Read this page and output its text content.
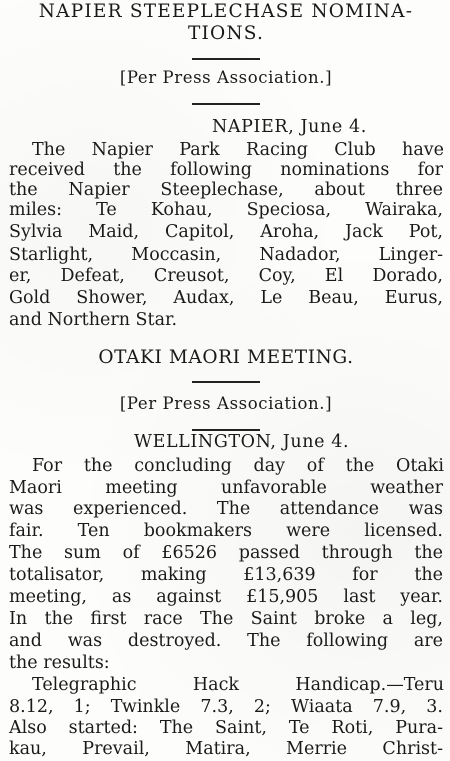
NAPIER STEEPLECHASE NOMINA-
TIONS.
[Per Press Association.]
NAPIER, June 4.
The Napier Park Racing Club have
received the following nominations for
the Napier Steeplechase, about three
miles: Te Kohau, Speciosa, Wairaka,
Sylvia Maid, Capitol, Aroha, Jack Pot,
Starlight, Moccasin, Nadador, Linger-
er, Defeat, Creusot, Coy, El Dorado,
Gold Shower, Audax, Le Beau, Eurus,
and Northern Star.
OTAKI MAORI MEETING.
[Per Press Association.]
WELLINGTON, June 4.
For the concluding day of the Otaki
Maori meeting unfavorable weather
was experienced. The attendance was
fair. Ten bookmakers were licensed.
The sum of £6526 passed through the
totalisator, making £13,639 for the
meeting, as against £15,905 last year.
In the first race The Saint broke a leg,
and was destroyed. The following are
the results:
Telegraphic Hack Handicap.—Teru
8.12, 1; Twinkle 7.3, 2; Wiaata 7.9, 3.
Also started: The Saint, Te Roti, Pura-
kau, Prevail, Matira, Merrie Christ-
